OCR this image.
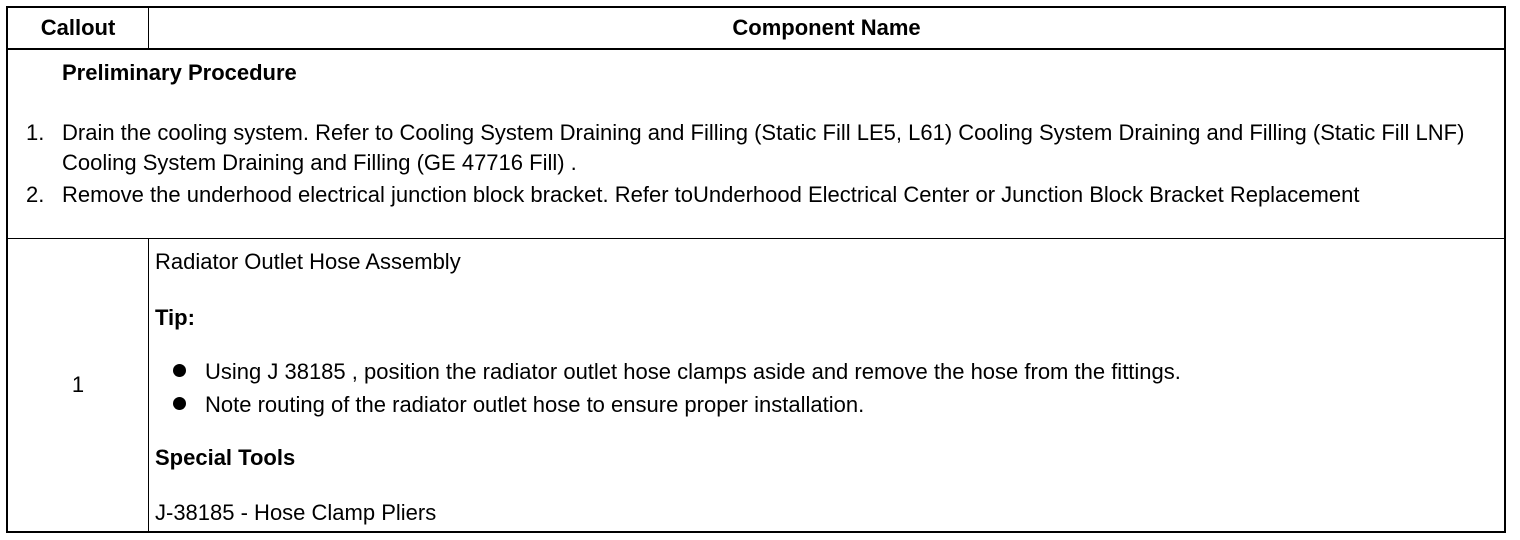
Callout	Component Name
Preliminary Procedure
1. Drain the cooling system. Refer to Cooling System Draining and Filling (Static Fill LE5, L61) Cooling System Draining and Filling (Static Fill LNF) Cooling System Draining and Filling (GE 47716 Fill) .
2. Remove the underhood electrical junction block bracket. Refer toUnderhood Electrical Center or Junction Block Bracket Replacement
1
Radiator Outlet Hose Assembly
Tip:
Using J 38185 , position the radiator outlet hose clamps aside and remove the hose from the fittings.
Note routing of the radiator outlet hose to ensure proper installation.
Special Tools
J-38185 - Hose Clamp Pliers
